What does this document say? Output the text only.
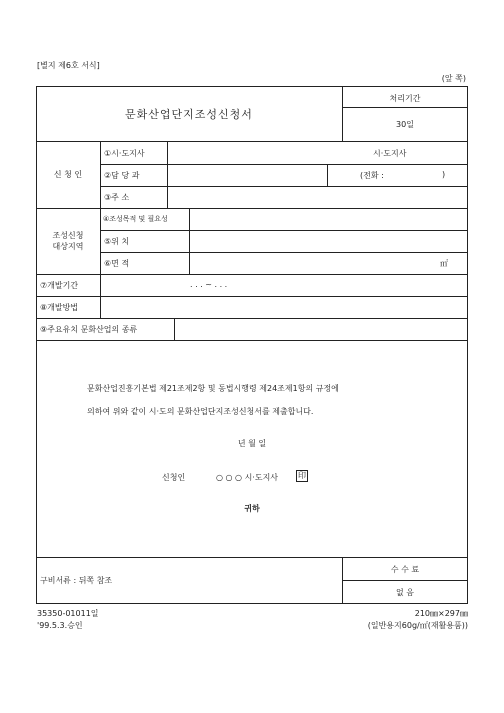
[별지 제6호 서식]
(앞 쪽)
문화산업단지조성신청서
처리기간
30일
신 청 인
①시·도지사	시·도지사
②담 당 과	(전화 :	)
③주 소
조성신청
대상지역
④조성목적 및 필요성
⑤위 치
⑥면 적	㎡
⑦개발기간	. . . ~ . . .
⑧개발방법
⑨주요유치 문화산업의 종류
문화산업진흥기본법 제21조제2항 및 동법시행령 제24조제1항의 규정에
의하여 위와 같이 시·도의 문화산업단지조성신청서를 제출합니다.
년 월 일
신청인	○ ○ ○ 시·도지사 印
귀하
구비서류 : 뒤쪽 참조
수 수 료
없 음
35350-01011일
'99.5.3.승인
210㎜×297㎜
(일반용지60g/㎡(재활용품))
